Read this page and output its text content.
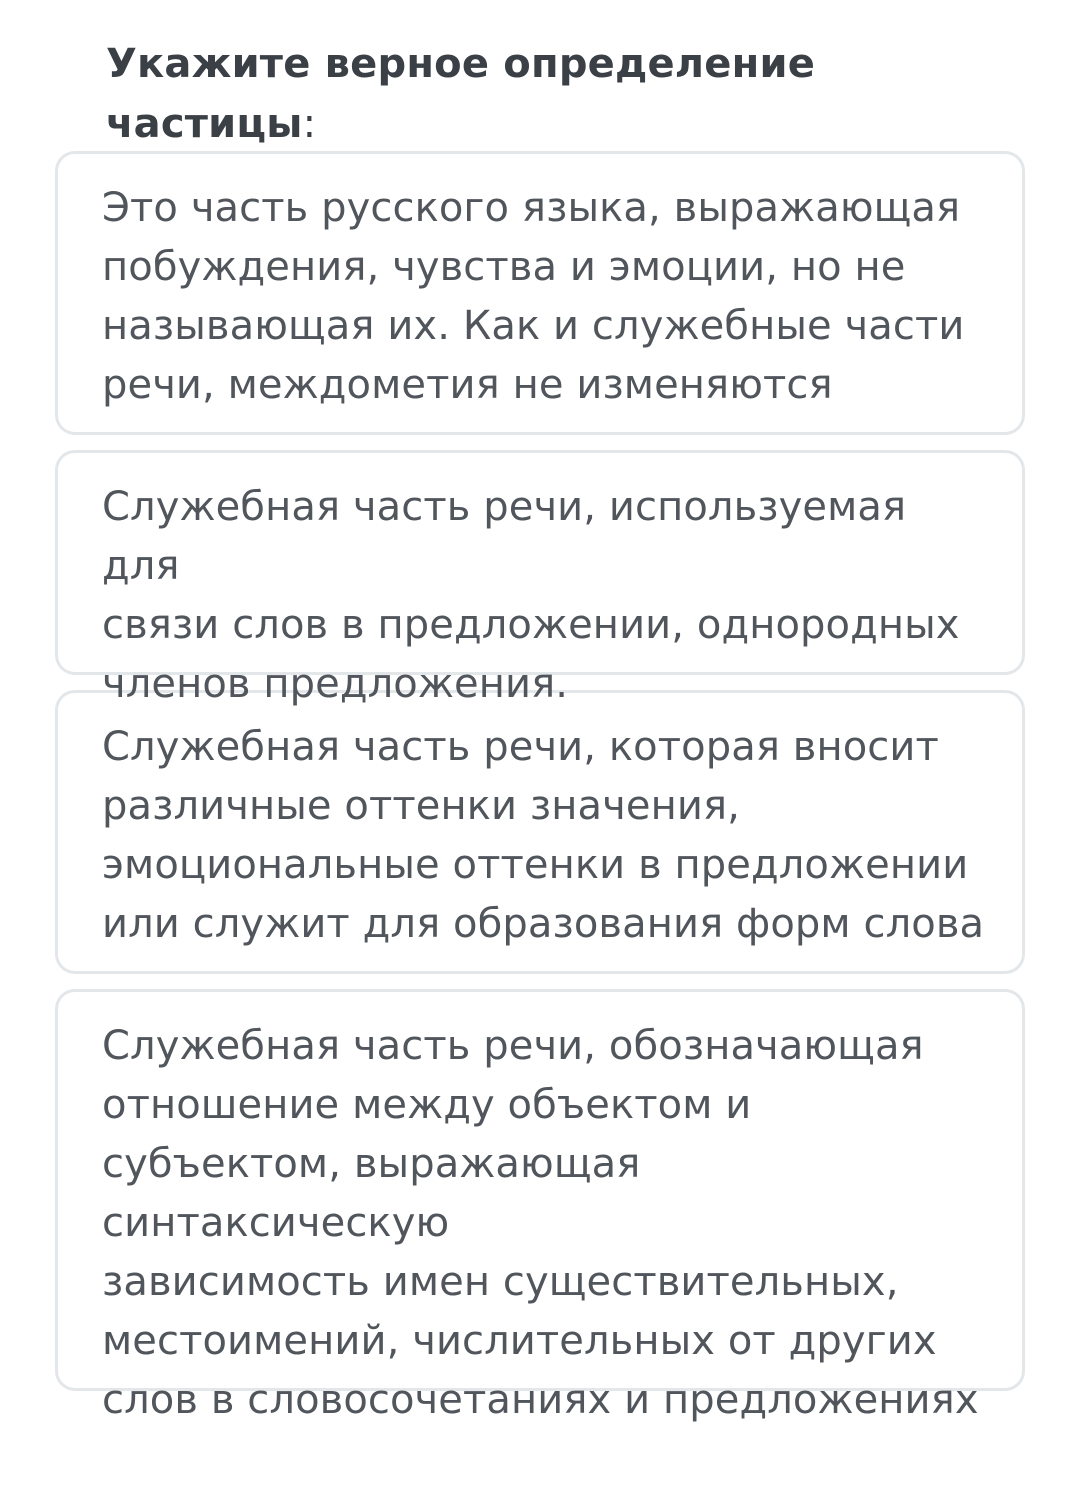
Укажите верное определение частицы:
Это часть русского языка, выражающая
побуждения, чувства и эмоции, но не
называющая их. Как и служебные части
речи, междометия не изменяются
Служебная часть речи, используемая для
связи слов в предложении, однородных
членов предложения.
Служебная часть речи, которая вносит
различные оттенки значения,
эмоциональные оттенки в предложении
или служит для образования форм слова
Служебная часть речи, обозначающая
отношение между объектом и
субъектом, выражающая синтаксическую
зависимость имен существительных,
местоимений, числительных от других
слов в словосочетаниях и предложениях
